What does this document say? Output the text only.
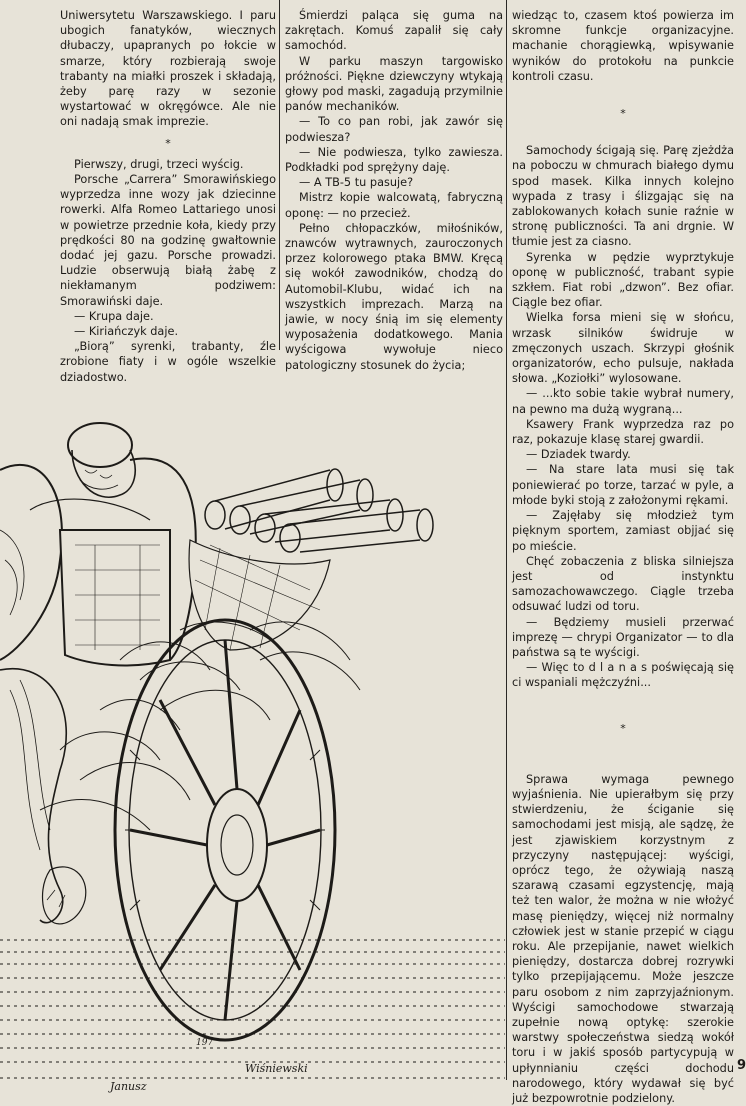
Uniwersytetu Warszawskiego. I paru ubogich fanatyków, wiecznych dłubaczy, upapranych po łokcie w smarze, który rozbierają swoje trabanty na miałki proszek i składają, żeby parę razy w sezonie wystartować w okręgówce. Ale nie oni nadają smak imprezie.

*

Pierwszy, drugi, trzeci wyścig.

Porsche „Carrera” Smorawińskiego wyprzedza inne wozy jak dziecinne rowerki. Alfa Romeo Lattariego unosi w powietrze przednie koła, kiedy przy prędkości 80 na godzinę gwałtownie dodać jej gazu. Porsche prowadzi. Ludzie obserwują białą żabę z niekłamanym podziwem: Smorawiński daje.

— Krupa daje.

— Kiriańczyk daje.

„Biorą” syrenki, trabanty, źle zrobione fiaty i w ogóle wszelkie dziadostwo.

Śmierdzi paląca się guma na zakrętach. Komuś zapalił się cały samochód.

W parku maszyn targowisko próżności. Piękne dziewczyny wtykają głowy pod maski, zagadują przymilnie panów mechaników.

— To co pan robi, jak zawór się podwiesza?

— Nie podwiesza, tylko zawiesza. Podkładki pod sprężyny daję.

— A TB-5 tu pasuje?

Mistrz kopie walcowatą, fabryczną oponę: — no przecież.

Pełno chłopaczków, miłośników, znawców wytrawnych, zauroczonych przez kolorowego ptaka BMW. Kręcą się wokół zawodników, chodzą do Automobil-Klubu, widać ich na wszystkich imprezach. Marzą na jawie, w nocy śnią im się elementy wyposażenia dodatkowego. Mania wyścigowa wywołuje nieco patologiczny stosunek do życia;

wiedząc to, czasem ktoś powierza im skromne funkcje organizacyjne. machanie chorągiewką, wpisywanie wyników do protokołu na punkcie kontroli czasu.

*

Samochody ścigają się. Parę zjeżdża na poboczu w chmurach białego dymu spod masek. Kilka innych kolejno wypada z trasy i ślizgając się na zablokowanych kołach sunie raźnie w stronę publiczności. Ta ani drgnie. W tłumie jest za ciasno.

Syrenka w pędzie wyprztykuje oponę w publiczność, trabant sypie szkłem. Fiat robi „dzwon”. Bez ofiar. Ciągle bez ofiar.

Wielka forsa mieni się w słońcu, wrzask silników świdruje w zmęczonych uszach. Skrzypi głośnik organizatorów, echo pulsuje, nakłada słowa. „Koziołki” wylosowane.

— ...kto sobie takie wybrał numery, na pewno ma dużą wygraną...

Ksawery Frank wyprzedza raz po raz, pokazuje klasę starej gwardii.

— Dziadek twardy.

— Na stare lata musi się tak poniewierać po torze, tarzać w pyle, a młode byki stoją z założonymi rękami.

— Zajęłaby się młodzież tym pięknym sportem, zamiast objjać się po mieście.

Chęć zobaczenia z bliska silniejsza jest od instynktu samozachowawczego. Ciągle trzeba odsuwać ludzi od toru.

— Będziemy musieli przerwać imprezę — chrypi Organizator — to dla państwa są te wyścigi.

— Więc to d l a n a s poświęcają się ci wspaniali mężczyźni...

*

Sprawa wymaga pewnego wyjaśnienia. Nie upierałbym się przy stwierdzeniu, że ściganie się samochodami jest misją, ale sądzę, że jest zjawiskiem korzystnym z przyczyny następującej: wyścigi, oprócz tego, że ożywiają naszą szarawą czasami egzystencję, mają też ten walor, że można w nie włożyć masę pieniędzy, więcej niż normalny człowiek jest w stanie przepić w ciągu roku. Ale przepijanie, nawet wielkich pieniędzy, dostarcza dobrej rozrywki tylko przepijającemu. Może jeszcze paru osobom z nim zaprzyjaźnionym. Wyścigi samochodowe stwarzają zupełnie nową optykę: szerokie warstwy społeczeństwa siedzą wokół toru i w jakiś sposób partycypują w upłynnianiu części dochodu narodowego, który wydawał się być już bezpowrotnie podzielony.

Janusz
Wiśniewski
197
9
